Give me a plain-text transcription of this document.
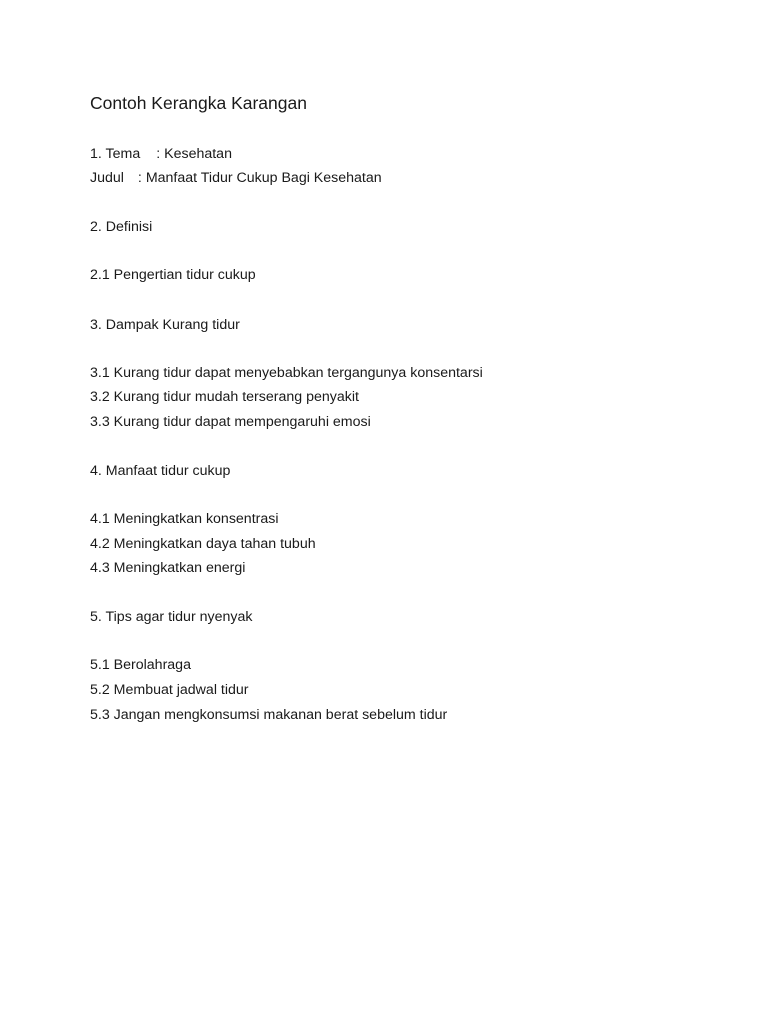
Contoh Kerangka Karangan
1. Tema : Kesehatan
Judul : Manfaat Tidur Cukup Bagi Kesehatan
2. Definisi
2.1 Pengertian tidur cukup
3. Dampak Kurang tidur
3.1 Kurang tidur dapat menyebabkan tergangunya konsentarsi
3.2 Kurang tidur mudah terserang penyakit
3.3 Kurang tidur dapat mempengaruhi emosi
4. Manfaat tidur cukup
4.1 Meningkatkan konsentrasi
4.2 Meningkatkan daya tahan tubuh
4.3 Meningkatkan energi
5. Tips agar tidur nyenyak
5.1 Berolahraga
5.2 Membuat jadwal tidur
5.3 Jangan mengkonsumsi makanan berat sebelum tidur
